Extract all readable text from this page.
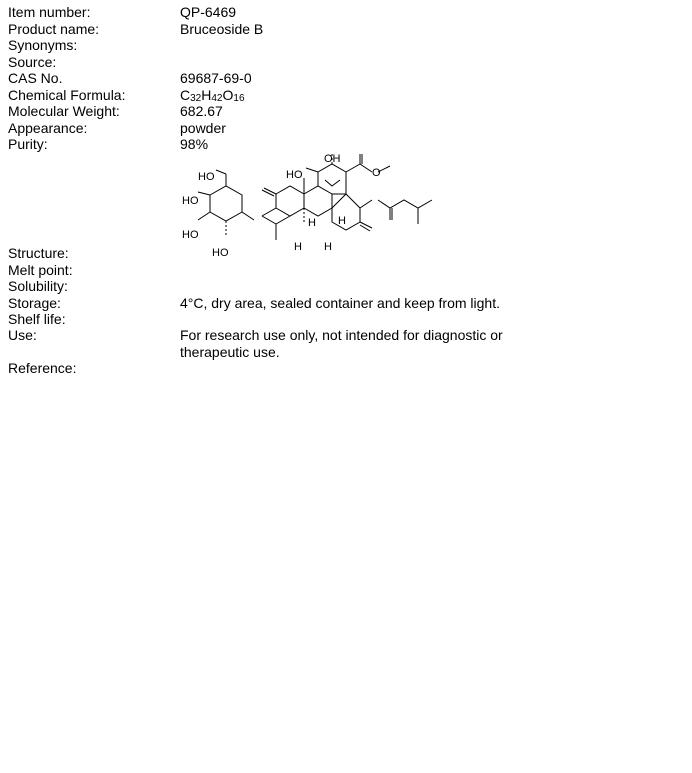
Item number:	QP-6469
Product name:	Bruceoside B
Synonyms:
Source:
CAS No.	69687-69-0
Chemical Formula:	$C_{32}H_{42}O_{16}$
Molecular Weight:	682.67
Appearance:	powder
Purity:	98%
HO
HO
HO
HO
HO
OH
H H
H H
O
Structure:
Melt point:
Solubility:
Storage:	4°C, dry area, sealed container and keep from light.
Shelf life:
Use:	For research use only, not intended for diagnostic or therapeutic use.
Reference:
